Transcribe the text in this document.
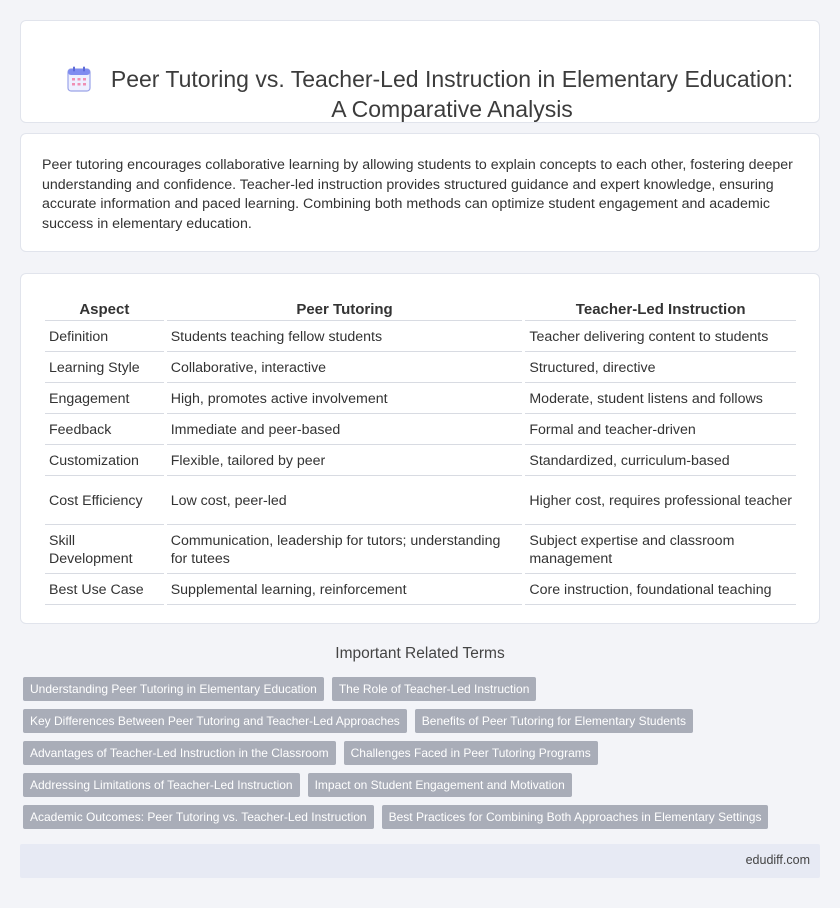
Peer Tutoring vs. Teacher-Led Instruction in Elementary Education: A Comparative Analysis

Peer tutoring encourages collaborative learning by allowing students to explain concepts to each other, fostering deeper understanding and confidence. Teacher-led instruction provides structured guidance and expert knowledge, ensuring accurate information and paced learning. Combining both methods can optimize student engagement and academic success in elementary education.

Aspect	Peer Tutoring	Teacher-Led Instruction
Definition	Students teaching fellow students	Teacher delivering content to students
Learning Style	Collaborative, interactive	Structured, directive
Engagement	High, promotes active involvement	Moderate, student listens and follows
Feedback	Immediate and peer-based	Formal and teacher-driven
Customization	Flexible, tailored by peer	Standardized, curriculum-based
Cost Efficiency	Low cost, peer-led	Higher cost, requires professional teacher
Skill Development	Communication, leadership for tutors; understanding for tutees	Subject expertise and classroom management
Best Use Case	Supplemental learning, reinforcement	Core instruction, foundational teaching
Important Related Terms
Understanding Peer Tutoring in Elementary Education	The Role of Teacher-Led Instruction
Key Differences Between Peer Tutoring and Teacher-Led Approaches	Benefits of Peer Tutoring for Elementary Students
Advantages of Teacher-Led Instruction in the Classroom	Challenges Faced in Peer Tutoring Programs
Addressing Limitations of Teacher-Led Instruction	Impact on Student Engagement and Motivation
Academic Outcomes: Peer Tutoring vs. Teacher-Led Instruction	Best Practices for Combining Both Approaches in Elementary Settings
edudiff.com
